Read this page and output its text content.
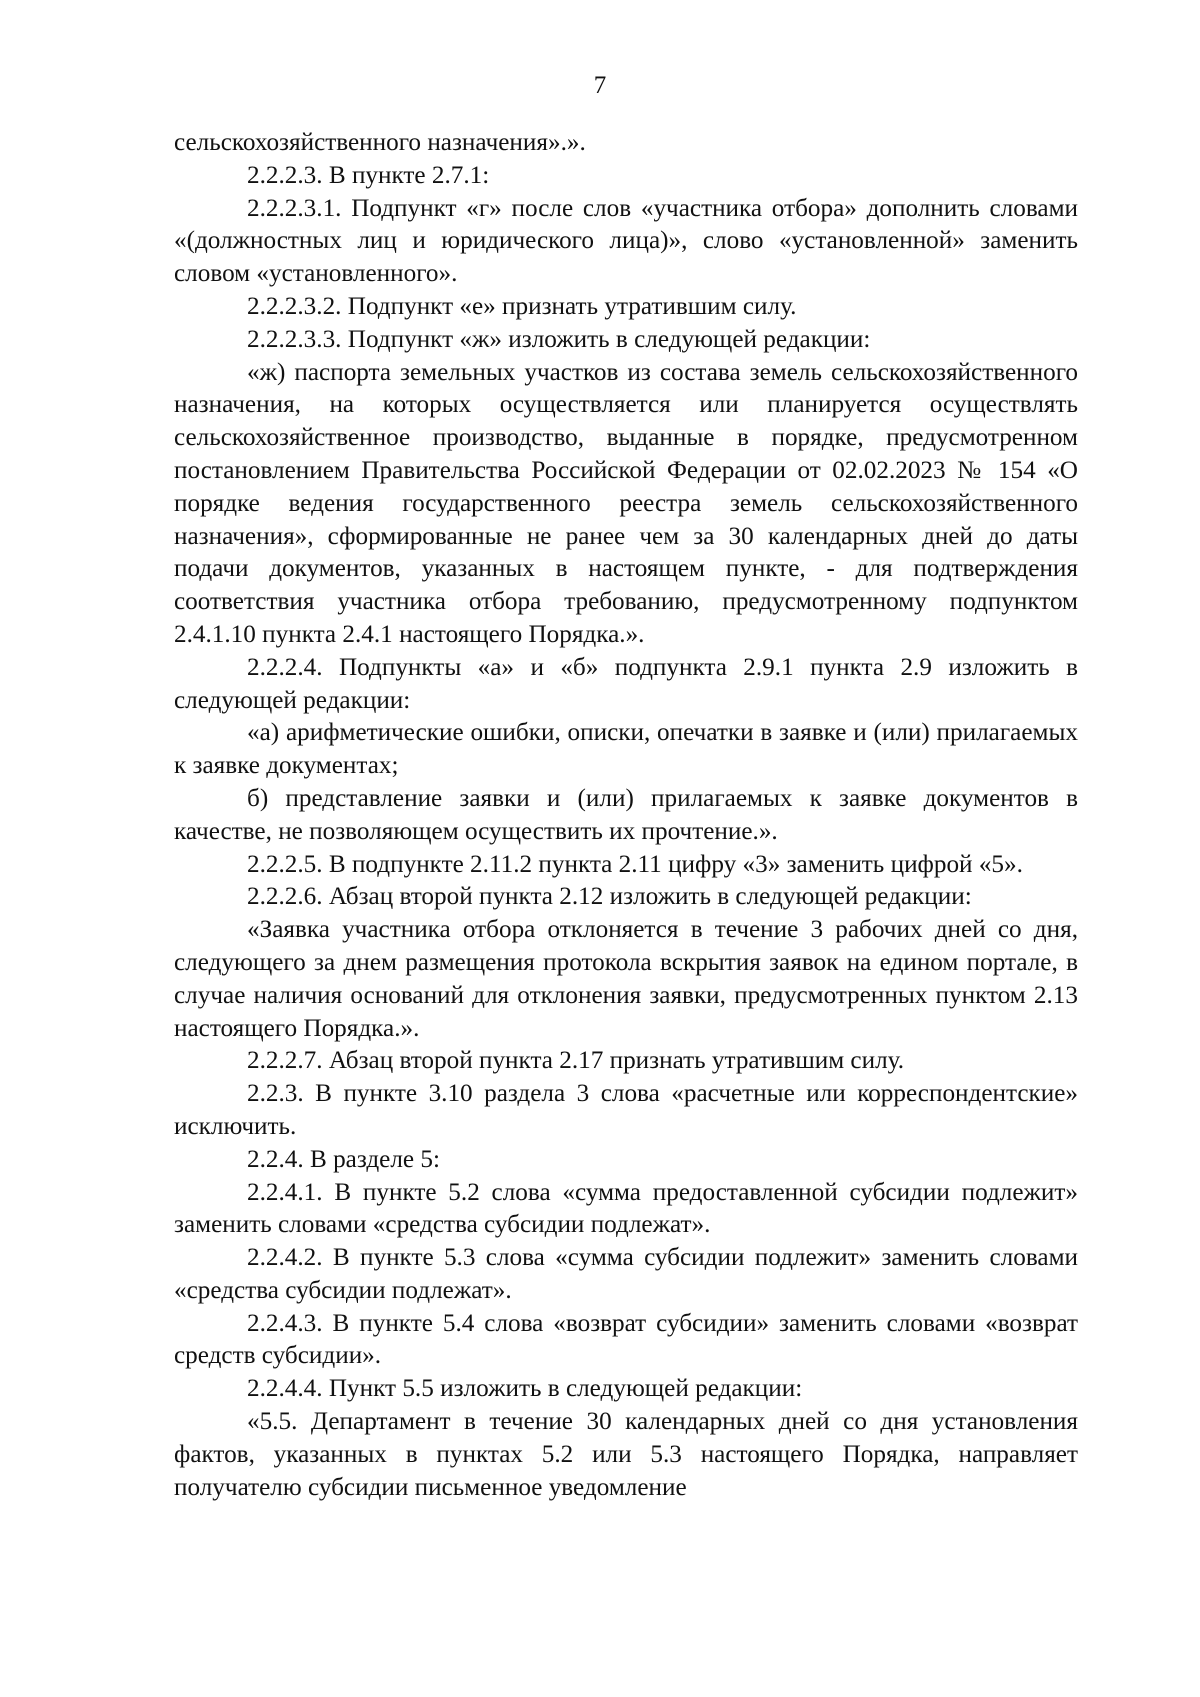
7

сельскохозяйственного назначения».».

2.2.2.3. В пункте 2.7.1:

2.2.2.3.1. Подпункт «г» после слов «участника отбора» дополнить словами «(должностных лиц и юридического лица)», слово «установленной» заменить словом «установленного».

2.2.2.3.2. Подпункт «е» признать утратившим силу.

2.2.2.3.3. Подпункт «ж» изложить в следующей редакции:

«ж) паспорта земельных участков из состава земель сельскохозяйственного назначения, на которых осуществляется или планируется осуществлять сельскохозяйственное производство, выданные в порядке, предусмотренном постановлением Правительства Российской Федерации от 02.02.2023 № 154 «О порядке ведения государственного реестра земель сельскохозяйственного назначения», сформированные не ранее чем за 30 календарных дней до даты подачи документов, указанных в настоящем пункте, - для подтверждения соответствия участника отбора требованию, предусмотренному подпунктом 2.4.1.10 пункта 2.4.1 настоящего Порядка.».

2.2.2.4. Подпункты «а» и «б» подпункта 2.9.1 пункта 2.9 изложить в следующей редакции:

«а) арифметические ошибки, описки, опечатки в заявке и (или) прилагаемых к заявке документах;

б) представление заявки и (или) прилагаемых к заявке документов в качестве, не позволяющем осуществить их прочтение.».

2.2.2.5. В подпункте 2.11.2 пункта 2.11 цифру «3» заменить цифрой «5».

2.2.2.6. Абзац второй пункта 2.12 изложить в следующей редакции:

«Заявка участника отбора отклоняется в течение 3 рабочих дней со дня, следующего за днем размещения протокола вскрытия заявок на едином портале, в случае наличия оснований для отклонения заявки, предусмотренных пунктом 2.13 настоящего Порядка.».

2.2.2.7. Абзац второй пункта 2.17 признать утратившим силу.

2.2.3. В пункте 3.10 раздела 3 слова «расчетные или корреспондентские» исключить.

2.2.4. В разделе 5:

2.2.4.1. В пункте 5.2 слова «сумма предоставленной субсидии подлежит» заменить словами «средства субсидии подлежат».

2.2.4.2. В пункте 5.3 слова «сумма субсидии подлежит» заменить словами «средства субсидии подлежат».

2.2.4.3. В пункте 5.4 слова «возврат субсидии» заменить словами «возврат средств субсидии».

2.2.4.4. Пункт 5.5 изложить в следующей редакции:

«5.5. Департамент в течение 30 календарных дней со дня установления фактов, указанных в пунктах 5.2 или 5.3 настоящего Порядка, направляет получателю субсидии письменное уведомление
